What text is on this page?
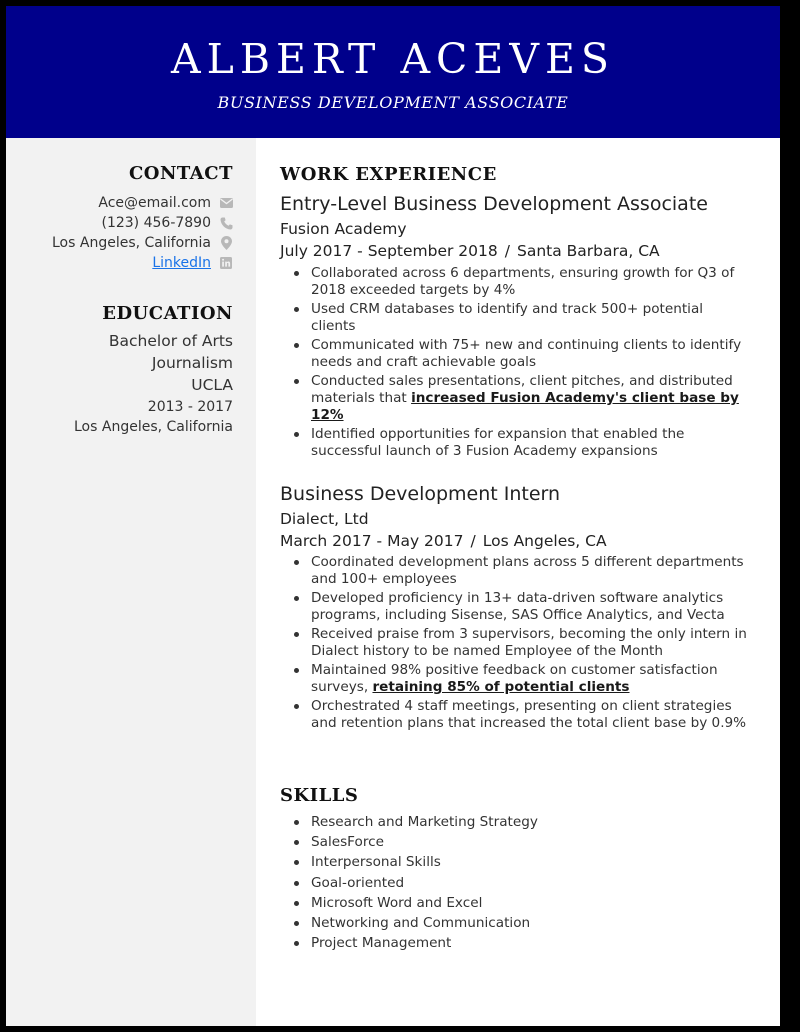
ALBERT ACEVES
BUSINESS DEVELOPMENT ASSOCIATE
CONTACT
Ace@email.com
(123) 456-7890
Los Angeles, California
LinkedIn
EDUCATION
Bachelor of Arts
Journalism
UCLA
2013 - 2017
Los Angeles, California
WORK EXPERIENCE
Entry-Level Business Development Associate
Fusion Academy
July 2017 - September 2018 / Santa Barbara, CA
Collaborated across 6 departments, ensuring growth for Q3 of 2018 exceeded targets by 4%
Used CRM databases to identify and track 500+ potential clients
Communicated with 75+ new and continuing clients to identify needs and craft achievable goals
Conducted sales presentations, client pitches, and distributed materials that increased Fusion Academy's client base by 12%
Identified opportunities for expansion that enabled the successful launch of 3 Fusion Academy expansions
Business Development Intern
Dialect, Ltd
March 2017 - May 2017 / Los Angeles, CA
Coordinated development plans across 5 different departments and 100+ employees
Developed proficiency in 13+ data-driven software analytics programs, including Sisense, SAS Office Analytics, and Vecta
Received praise from 3 supervisors, becoming the only intern in Dialect history to be named Employee of the Month
Maintained 98% positive feedback on customer satisfaction surveys, retaining 85% of potential clients
Orchestrated 4 staff meetings, presenting on client strategies and retention plans that increased the total client base by 0.9%
SKILLS
Research and Marketing Strategy
SalesForce
Interpersonal Skills
Goal-oriented
Microsoft Word and Excel
Networking and Communication
Project Management
